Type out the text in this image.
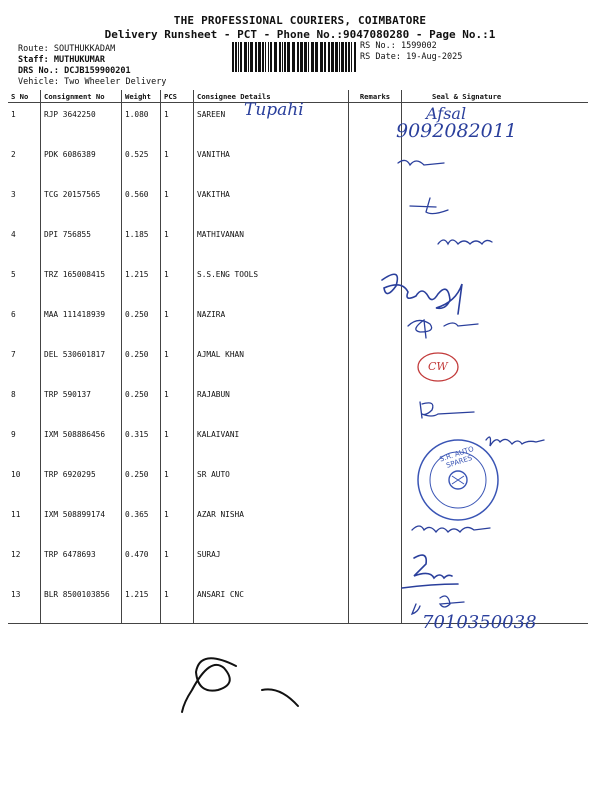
THE PROFESSIONAL COURIERS, COIMBATORE
Delivery Runsheet - PCT - Phone No.:9047080280 - Page No.:1
Route: SOUTHUKKADAM
Staff: MUTHUKUMAR
DRS No.: DCJB159900201
Vehicle: Two Wheeler Delivery
RS No.: 1599002
RS Date: 19-Aug-2025
S No	Consignment No	Weight	PCS	Consignee Details	Remarks	Seal & Signature
1	RJP 3642250	1.080	1	SAREEN		
2	PDK 6086389	0.525	1	VANITHA		
3	TCG 20157565	0.560	1	VAKITHA		
4	DPI 756855	1.185	1	MATHIVANAN		
5	TRZ 165008415	1.215	1	S.S.ENG TOOLS		
6	MAA 111418939	0.250	1	NAZIRA		
7	DEL 530601817	0.250	1	AJMAL KHAN		
8	TRP 590137	0.250	1	RAJABUN		
9	IXM 508886456	0.315	1	KALAIVANI		
10	TRP 6920295	0.250	1	SR AUTO		
11	IXM 508899174	0.365	1	AZAR NISHA		
12	TRP 6478693	0.470	1	SURAJ		
13	BLR 8500103856	1.215	1	ANSARI CNC		
Tupahi	Afsal
9092082011
CW
7010350038
S.R. AUTO SPARES
